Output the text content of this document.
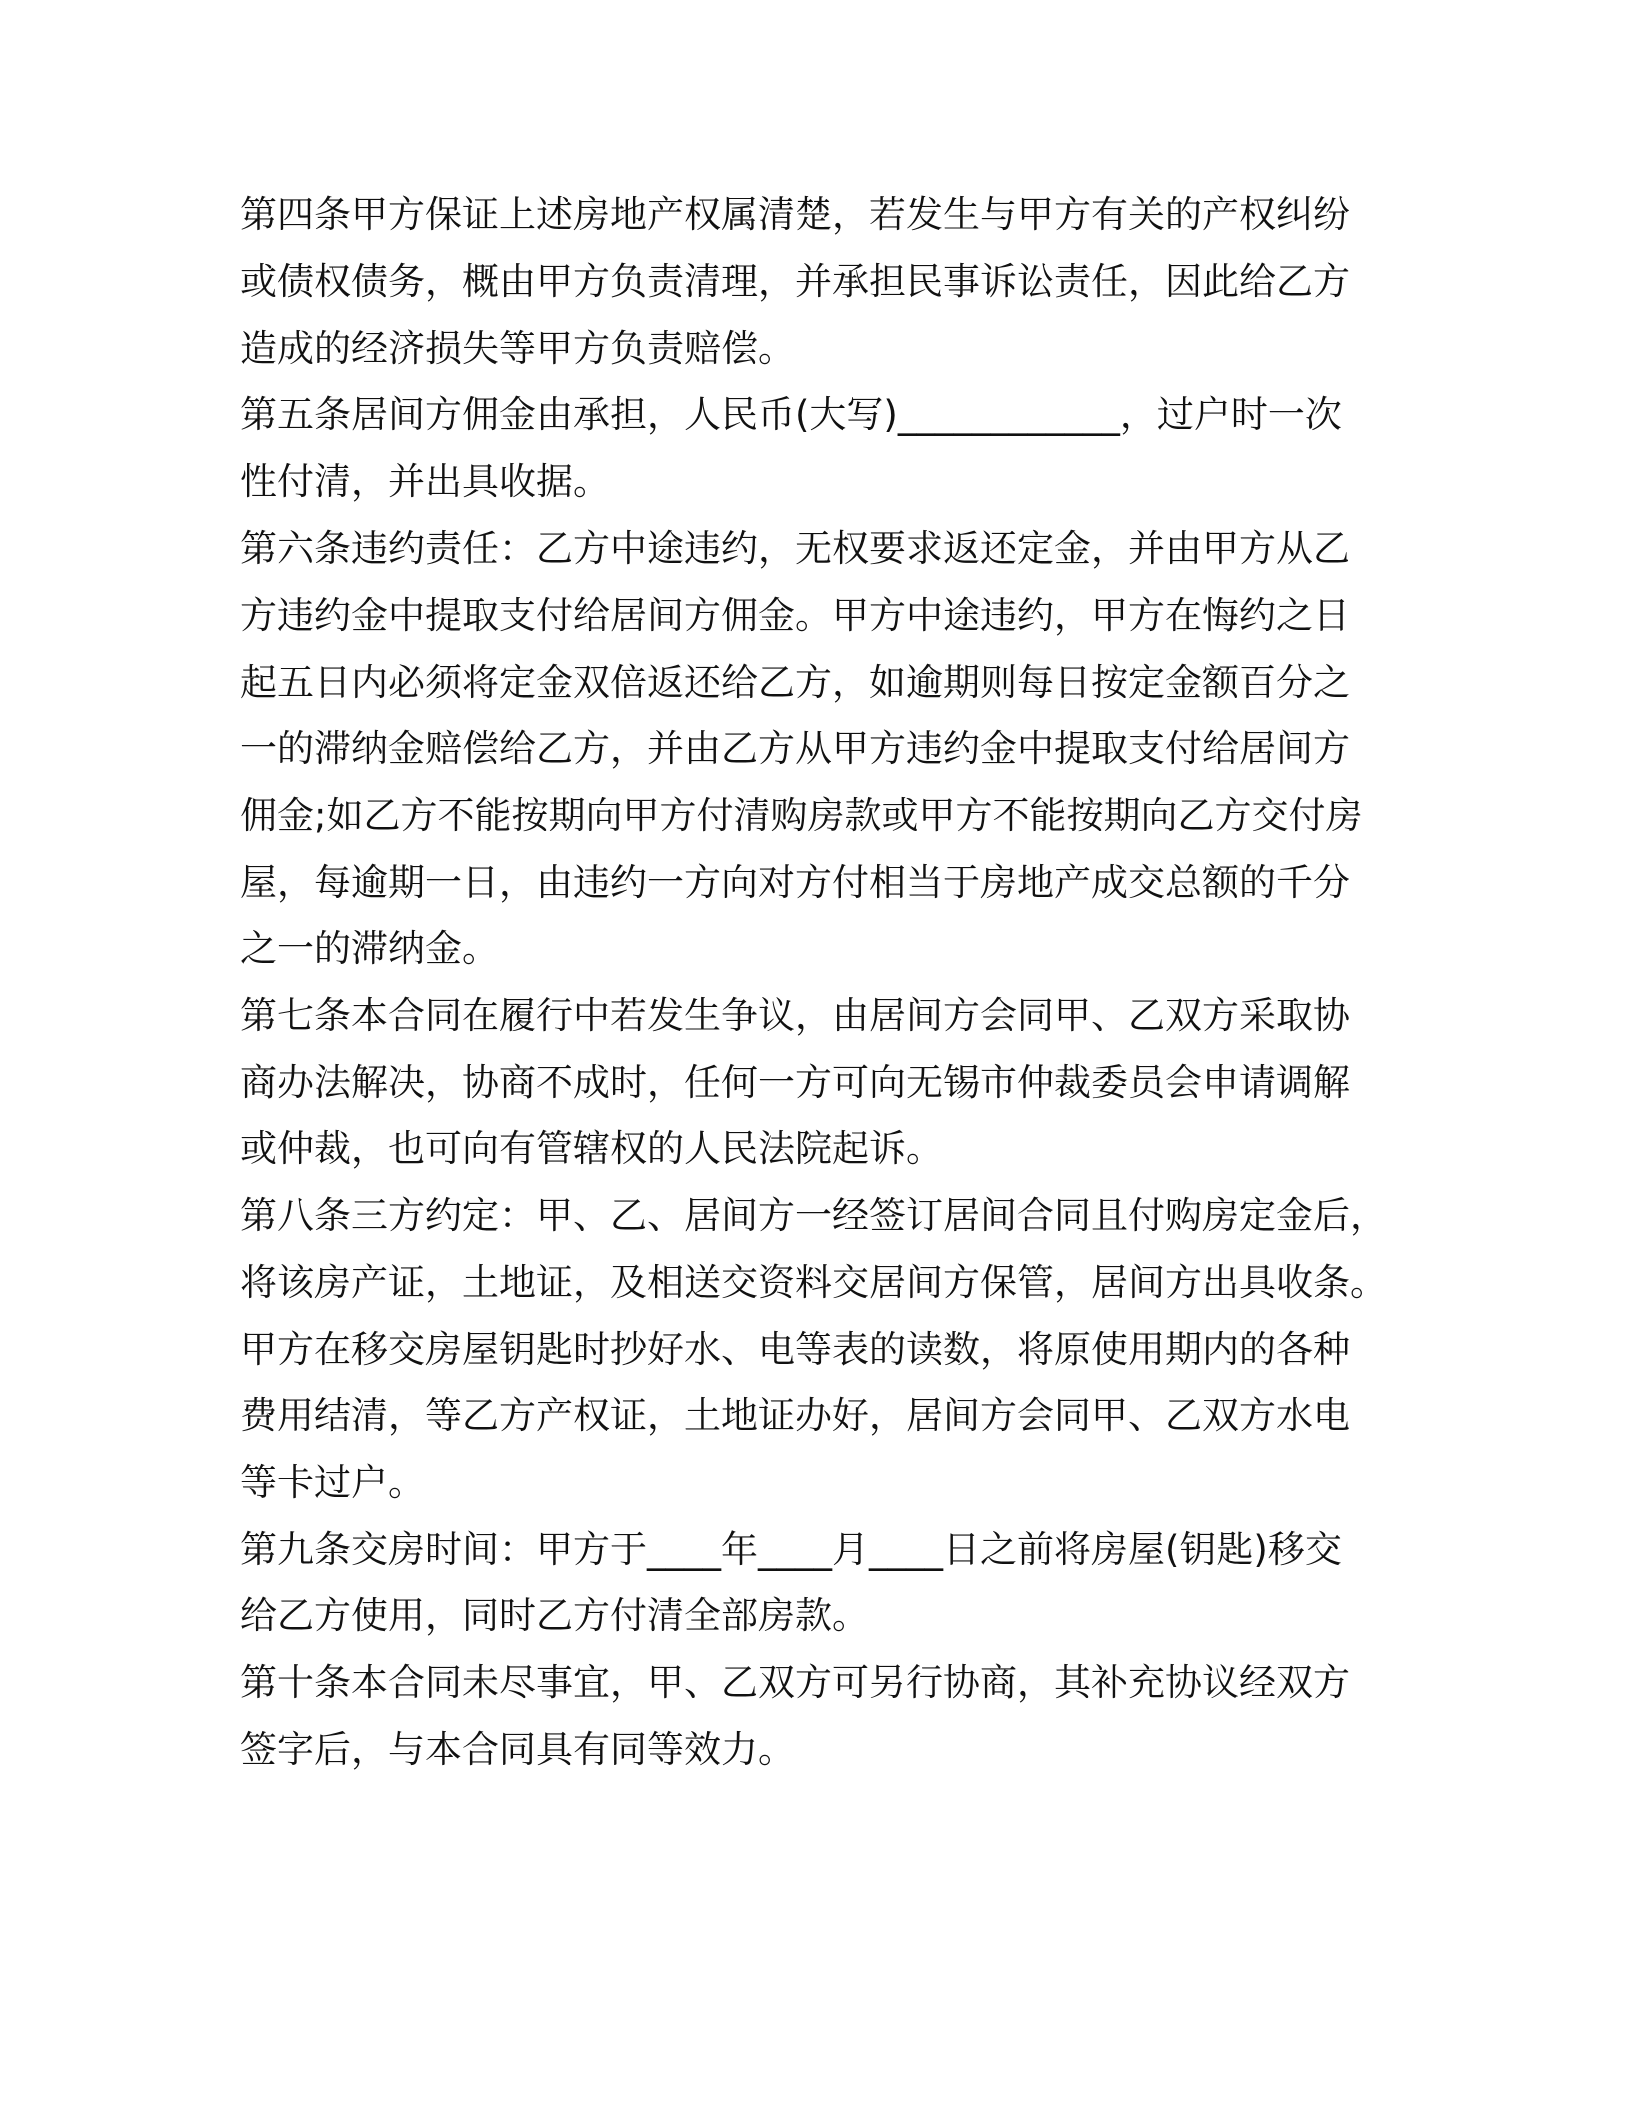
第四条甲方保证上述房地产权属清楚，若发生与甲方有关的产权纠纷

或债权债务，概由甲方负责清理，并承担民事诉讼责任，因此给乙方

造成的经济损失等甲方负责赔偿。

第五条居间方佣金由承担，人民币(大写)____________，过户时一次

性付清，并出具收据。

第六条违约责任：乙方中途违约，无权要求返还定金，并由甲方从乙

方违约金中提取支付给居间方佣金。甲方中途违约，甲方在悔约之日

起五日内必须将定金双倍返还给乙方，如逾期则每日按定金额百分之

一的滞纳金赔偿给乙方，并由乙方从甲方违约金中提取支付给居间方

佣金;如乙方不能按期向甲方付清购房款或甲方不能按期向乙方交付房

屋，每逾期一日，由违约一方向对方付相当于房地产成交总额的千分

之一的滞纳金。

第七条本合同在履行中若发生争议，由居间方会同甲、乙双方采取协

商办法解决，协商不成时，任何一方可向无锡市仲裁委员会申请调解

或仲裁，也可向有管辖权的人民法院起诉。

第八条三方约定：甲、乙、居间方一经签订居间合同且付购房定金后，

将该房产证，土地证，及相送交资料交居间方保管，居间方出具收条。

甲方在移交房屋钥匙时抄好水、电等表的读数，将原使用期内的各种

费用结清，等乙方产权证，土地证办好，居间方会同甲、乙双方水电

等卡过户。

第九条交房时间：甲方于____年____月____日之前将房屋(钥匙)移交

给乙方使用，同时乙方付清全部房款。

第十条本合同未尽事宜，甲、乙双方可另行协商，其补充协议经双方

签字后，与本合同具有同等效力。
